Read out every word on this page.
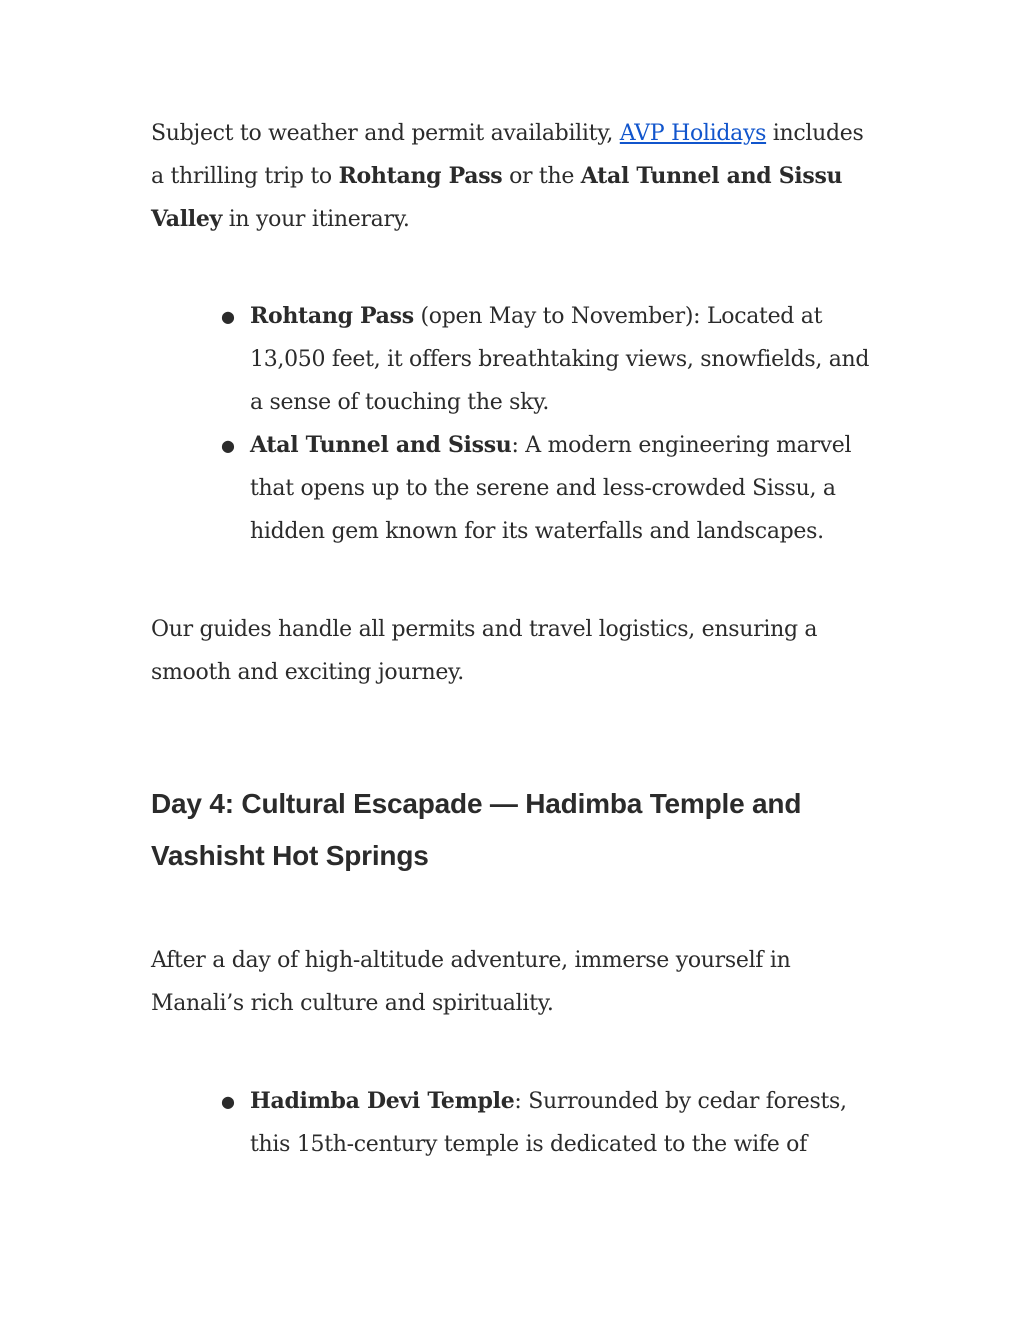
Subject to weather and permit availability, AVP Holidays includes a thrilling trip to Rohtang Pass or the Atal Tunnel and Sissu Valley in your itinerary.

● Rohtang Pass (open May to November): Located at 13,050 feet, it offers breathtaking views, snowfields, and a sense of touching the sky.
● Atal Tunnel and Sissu: A modern engineering marvel that opens up to the serene and less-crowded Sissu, a hidden gem known for its waterfalls and landscapes.

Our guides handle all permits and travel logistics, ensuring a smooth and exciting journey.

Day 4: Cultural Escapade — Hadimba Temple and Vashisht Hot Springs

After a day of high-altitude adventure, immerse yourself in Manali’s rich culture and spirituality.

● Hadimba Devi Temple: Surrounded by cedar forests, this 15th-century temple is dedicated to the wife of
